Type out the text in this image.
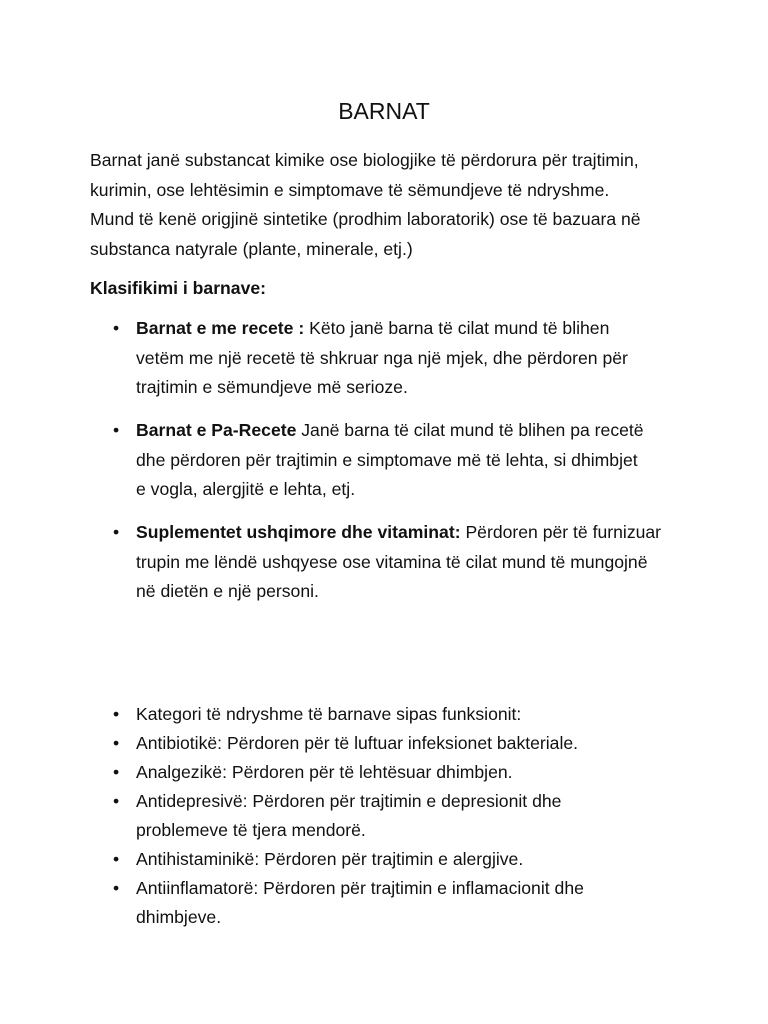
BARNAT

Barnat janë substancat kimike ose biologjike të përdorura për trajtimin,
kurimin, ose lehtësimin e simptomave të sëmundjeve të ndryshme.
Mund të kenë origjinë sintetike (prodhim laboratorik) ose të bazuara në
substanca natyrale (plante, minerale, etj.)

Klasifikimi i barnave:

• Barnat e me recete : Këto janë barna të cilat mund të blihen
vetëm me një recetë të shkruar nga një mjek, dhe përdoren për
trajtimin e sëmundjeve më serioze.
• Barnat e Pa-Recete Janë barna të cilat mund të blihen pa recetë
dhe përdoren për trajtimin e simptomave më të lehta, si dhimbjet
e vogla, alergjitë e lehta, etj.
• Suplementet ushqimore dhe vitaminat: Përdoren për të furnizuar
trupin me lëndë ushqyese ose vitamina të cilat mund të mungojnë
në dietën e një personi.
• Kategori të ndryshme të barnave sipas funksionit:
• Antibiotikë: Përdoren për të luftuar infeksionet bakteriale.
• Analgezikë: Përdoren për të lehtësuar dhimbjen.
• Antidepresivë: Përdoren për trajtimin e depresionit dhe
problemeve të tjera mendorë.
• Antihistaminikë: Përdoren për trajtimin e alergjive.
• Antiinflamatorë: Përdoren për trajtimin e inflamacionit dhe
dhimbjeve.
